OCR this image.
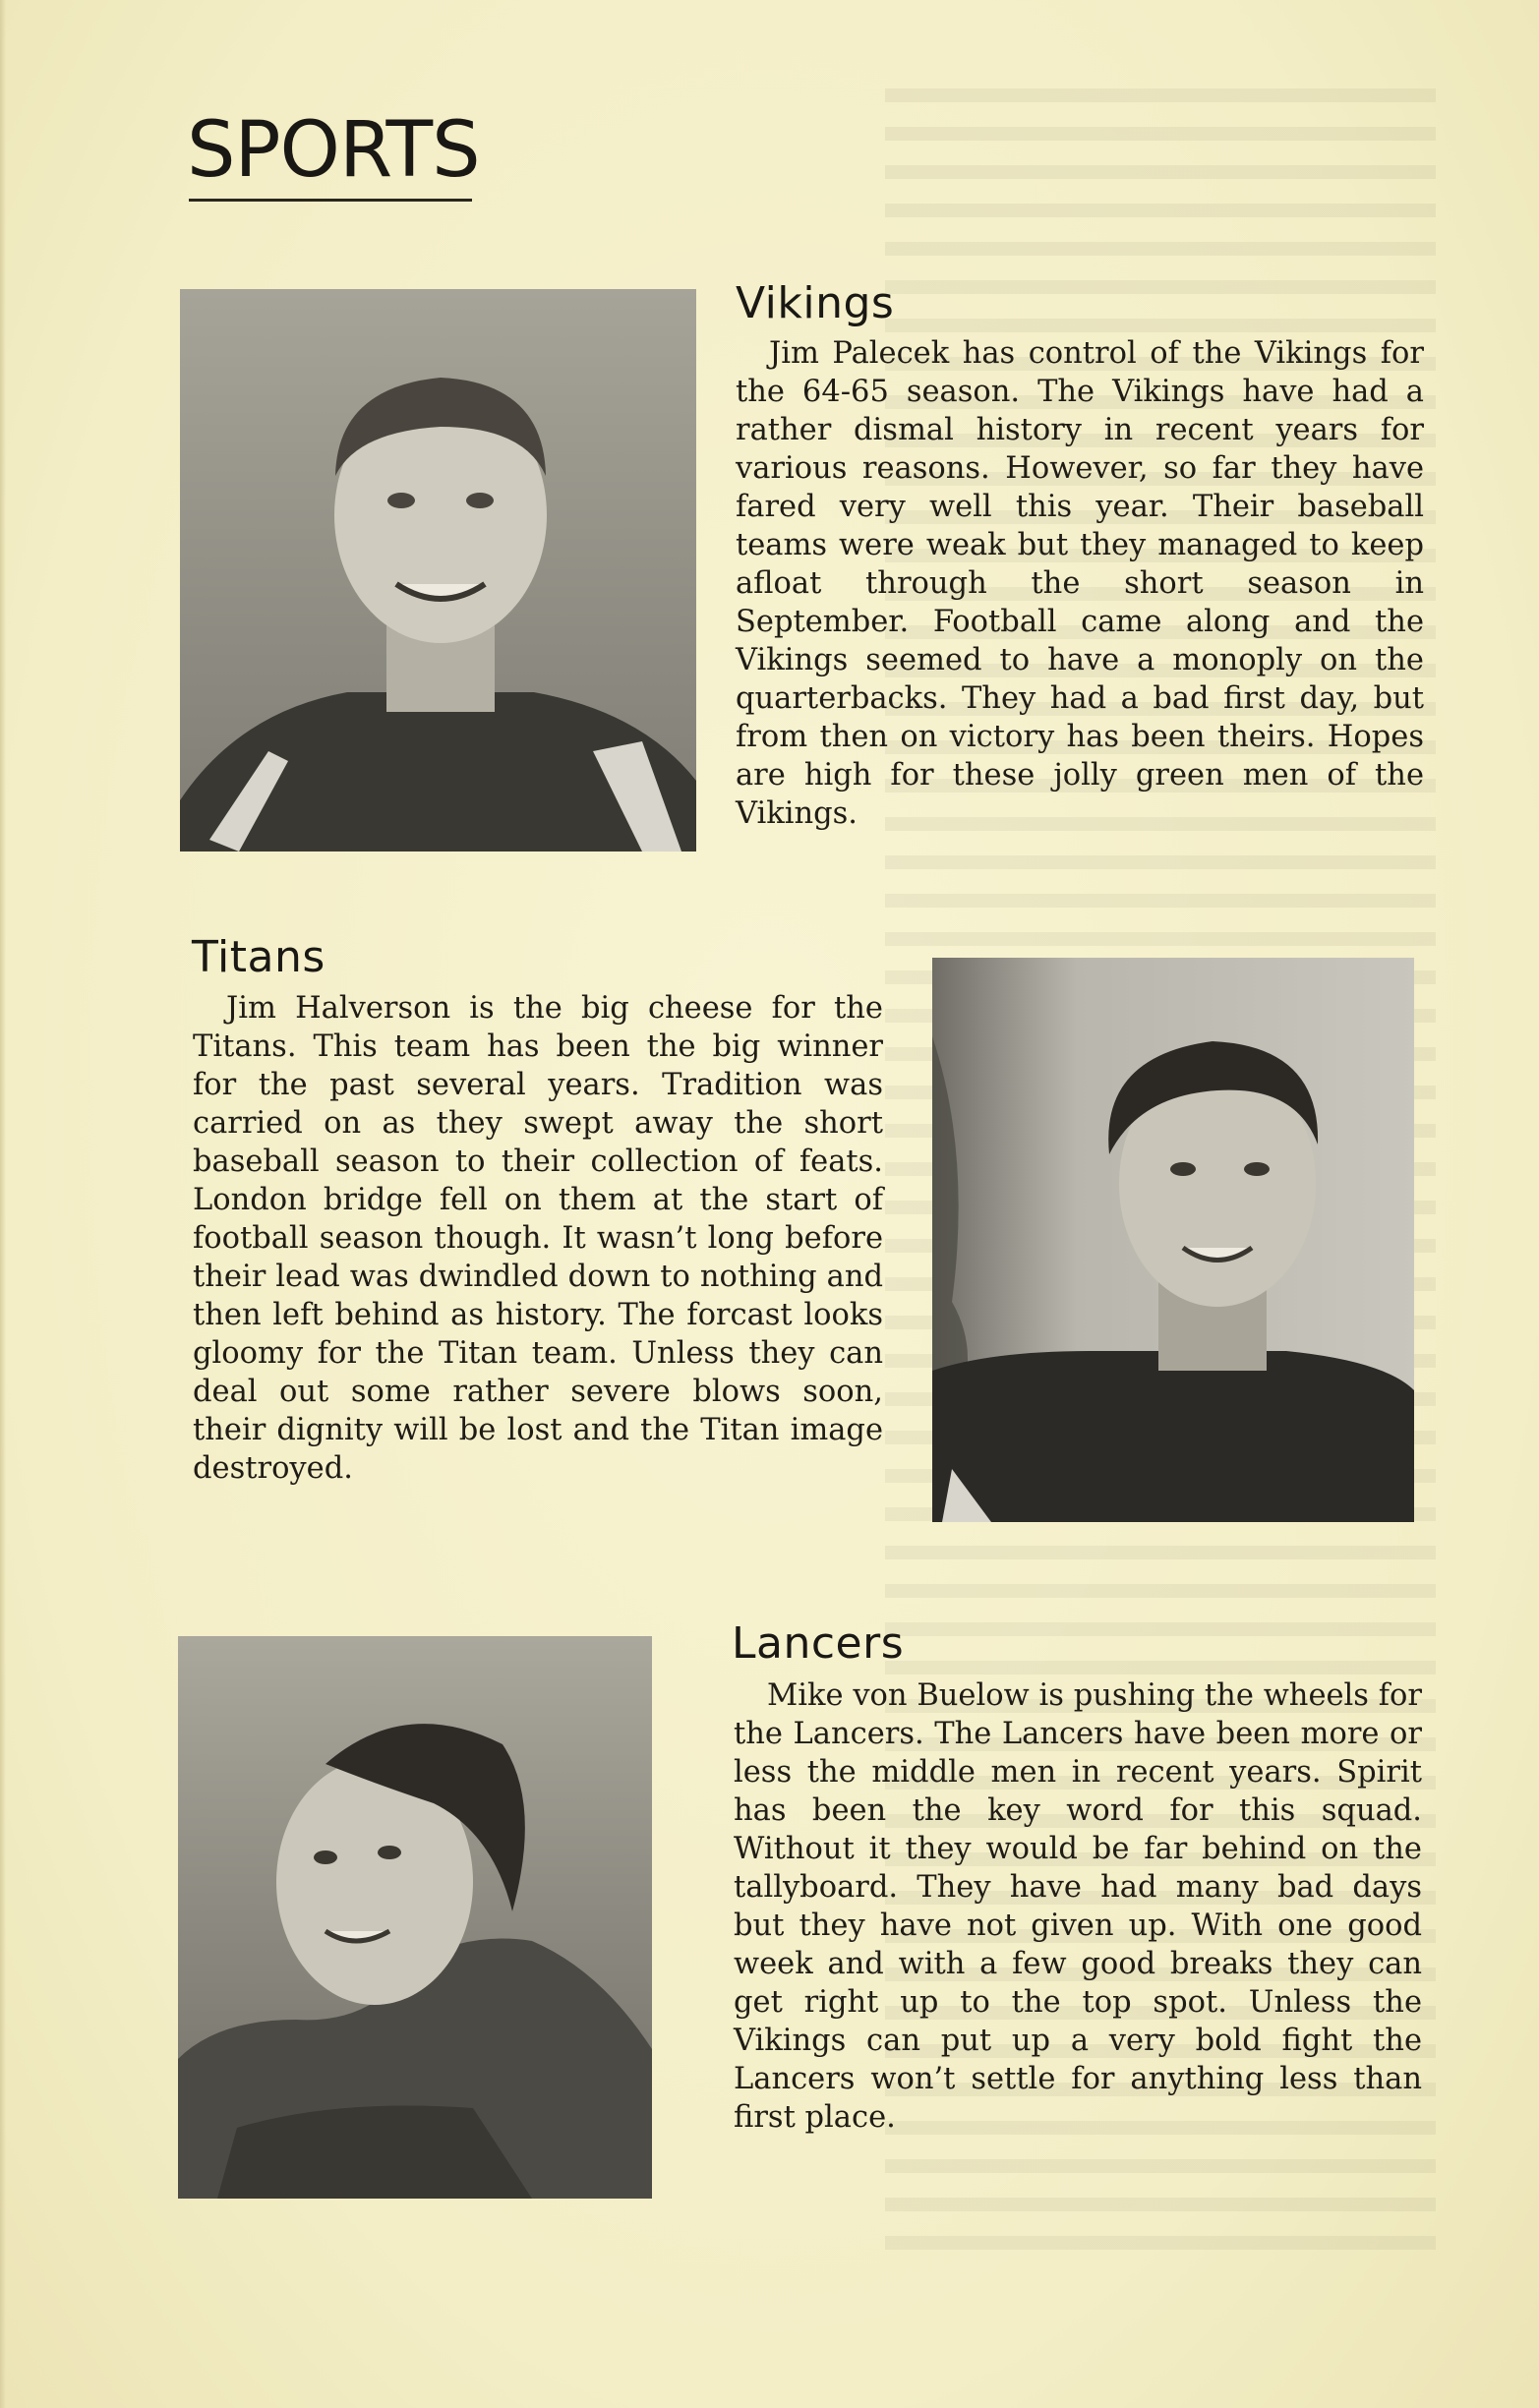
SPORTS
Vikings

Jim Palecek has control of the Vikings for the 64-65 season. The Vikings have had a rather dismal history in recent years for various reasons. However, so far they have fared very well this year. Their baseball teams were weak but they managed to keep afloat through the short season in September. Football came along and the Vikings seemed to have a monoply on the quarterbacks. They had a bad first day, but from then on victory has been theirs. Hopes are high for these jolly green men of the Vikings.

Titans

Jim Halverson is the big cheese for the Titans. This team has been the big winner for the past several years. Tradition was carried on as they swept away the short baseball season to their collection of feats. London bridge fell on them at the start of football season though. It wasn’t long before their lead was dwindled down to nothing and then left behind as history. The forcast looks gloomy for the Titan team. Unless they can deal out some rather severe blows soon, their dignity will be lost and the Titan image destroyed.

Lancers

Mike von Buelow is pushing the wheels for the Lancers. The Lancers have been more or less the middle men in recent years. Spirit has been the key word for this squad. Without it they would be far behind on the tallyboard. They have had many bad days but they have not given up. With one good week and with a few good breaks they can get right up to the top spot. Unless the Vikings can put up a very bold fight the Lancers won’t settle for anything less than first place.
